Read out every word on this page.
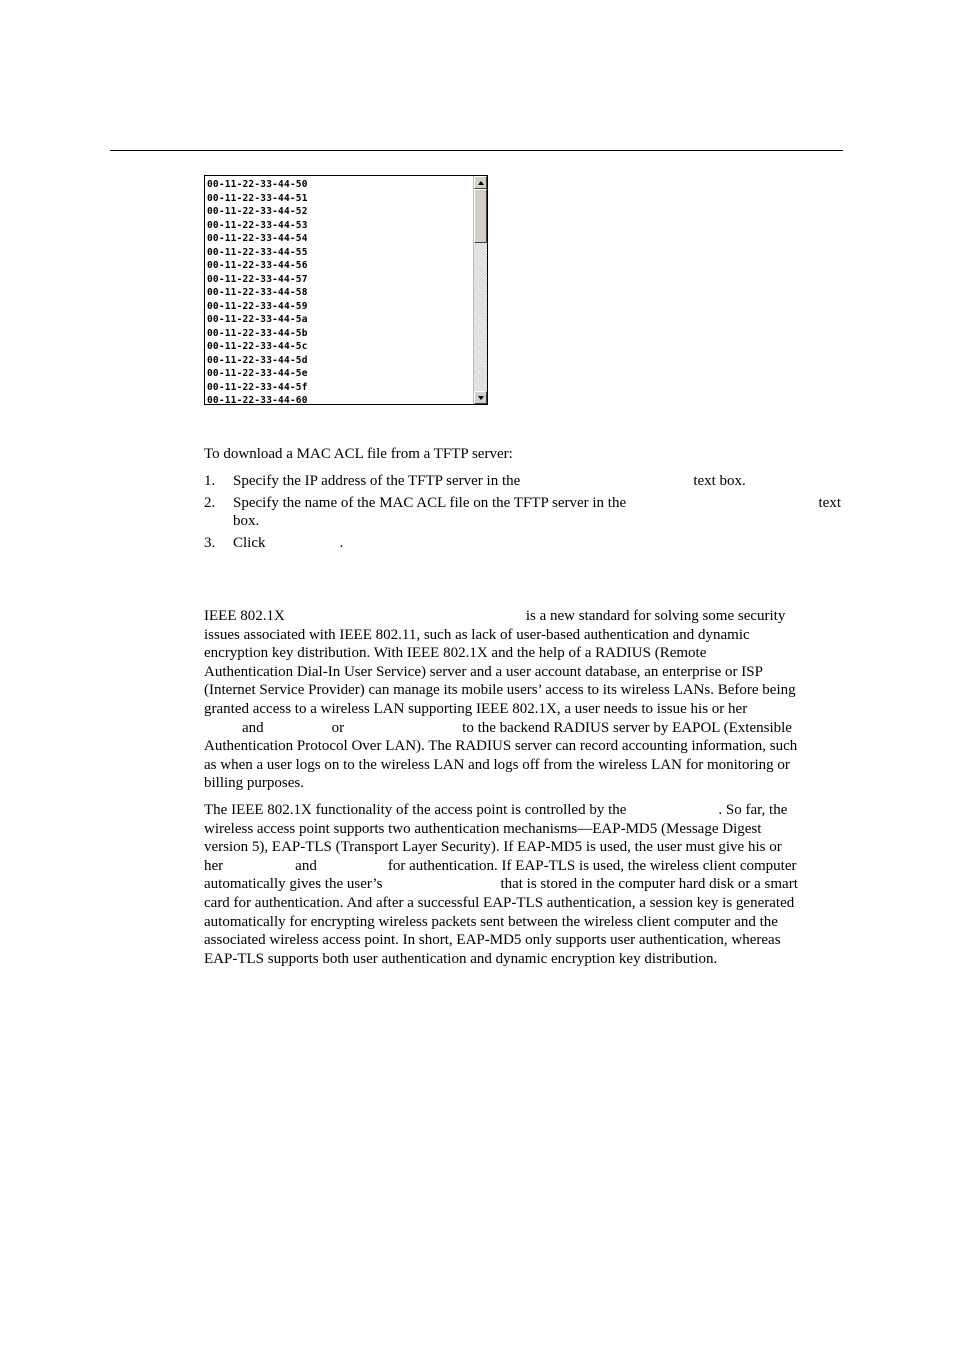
00-11-22-33-44-50
00-11-22-33-44-51
00-11-22-33-44-52
00-11-22-33-44-53
00-11-22-33-44-54
00-11-22-33-44-55
00-11-22-33-44-56
00-11-22-33-44-57
00-11-22-33-44-58
00-11-22-33-44-59
00-11-22-33-44-5a
00-11-22-33-44-5b
00-11-22-33-44-5c
00-11-22-33-44-5d
00-11-22-33-44-5e
00-11-22-33-44-5f
00-11-22-33-44-60
To download a MAC ACL file from a TFTP server:
1. Specify the IP address of the TFTP server in the	text box.
2. Specify the name of the MAC ACL file on the TFTP server in the	text
box.
3. Click	.
IEEE 802.1X	is a new standard for solving some security
issues associated with IEEE 802.11, such as lack of user-based authentication and dynamic
encryption key distribution. With IEEE 802.1X and the help of a RADIUS (Remote
Authentication Dial-In User Service) server and a user account database, an enterprise or ISP
(Internet Service Provider) can manage its mobile users’ access to its wireless LANs. Before being
granted access to a wireless LAN supporting IEEE 802.1X, a user needs to issue his or her
and	or	to the backend RADIUS server by EAPOL (Extensible
Authentication Protocol Over LAN). The RADIUS server can record accounting information, such
as when a user logs on to the wireless LAN and logs off from the wireless LAN for monitoring or
billing purposes.
The IEEE 802.1X functionality of the access point is controlled by the	. So far, the
wireless access point supports two authentication mechanisms—EAP-MD5 (Message Digest
version 5), EAP-TLS (Transport Layer Security). If EAP-MD5 is used, the user must give his or
her	and	for authentication. If EAP-TLS is used, the wireless client computer
automatically gives the user’s	that is stored in the computer hard disk or a smart
card for authentication. And after a successful EAP-TLS authentication, a session key is generated
automatically for encrypting wireless packets sent between the wireless client computer and the
associated wireless access point. In short, EAP-MD5 only supports user authentication, whereas
EAP-TLS supports both user authentication and dynamic encryption key distribution.
